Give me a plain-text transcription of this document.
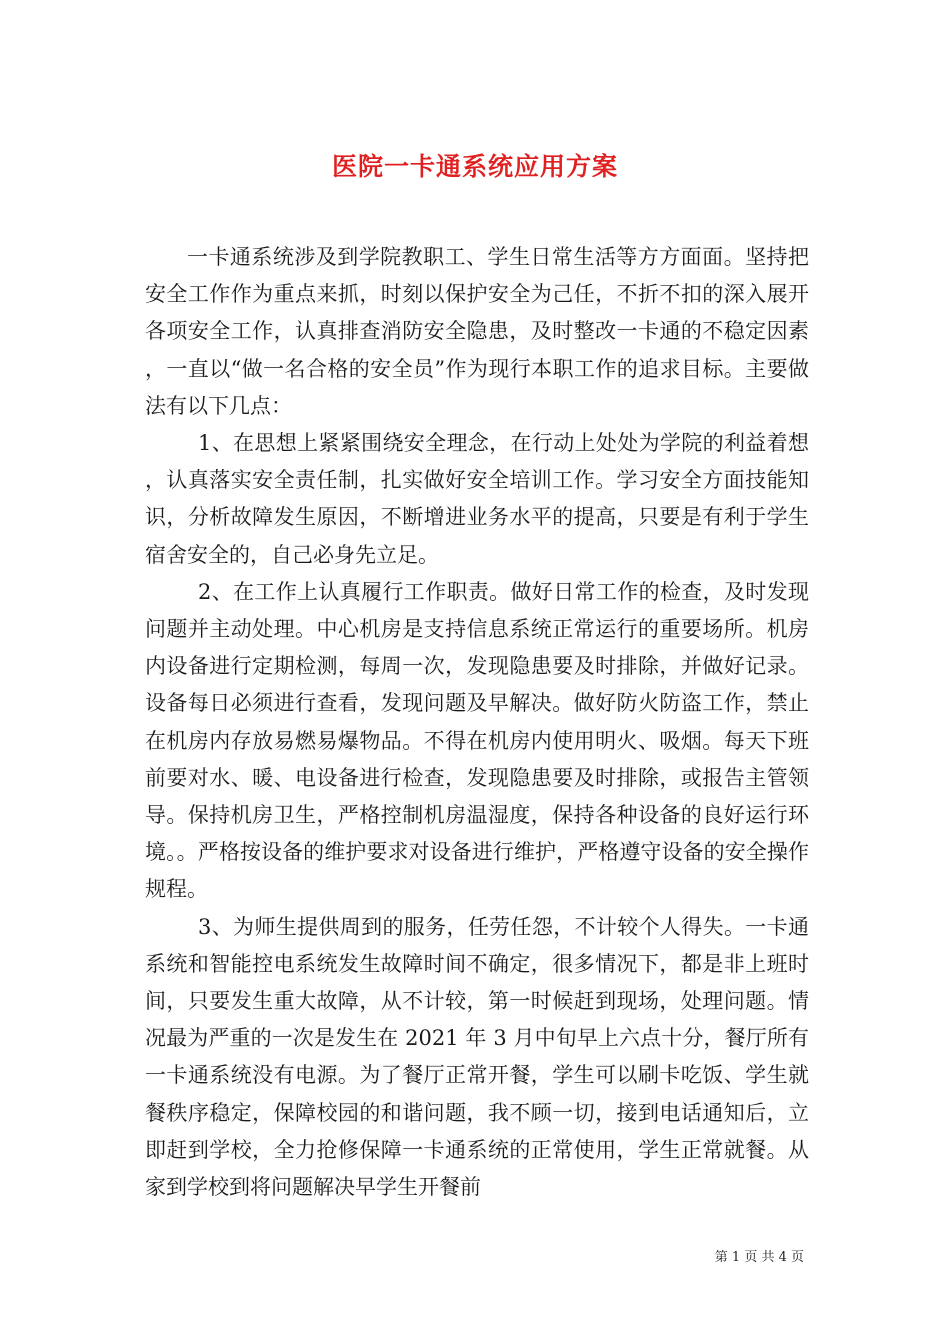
医院一卡通系统应用方案

一卡通系统涉及到学院教职工、学生日常生活等方方面面。坚持把安全工作作为重点来抓，时刻以保护安全为己任，不折不扣的深入展开各项安全工作，认真排查消防安全隐患，及时整改一卡通的不稳定因素，一直以“做一名合格的安全员”作为现行本职工作的追求目标。主要做法有以下几点：

1、在思想上紧紧围绕安全理念，在行动上处处为学院的利益着想，认真落实安全责任制，扎实做好安全培训工作。学习安全方面技能知识，分析故障发生原因，不断增进业务水平的提高，只要是有利于学生宿舍安全的，自己必身先立足。

2、在工作上认真履行工作职责。做好日常工作的检查，及时发现问题并主动处理。中心机房是支持信息系统正常运行的重要场所。机房内设备进行定期检测，每周一次，发现隐患要及时排除，并做好记录。设备每日必须进行查看，发现问题及早解决。做好防火防盗工作，禁止在机房内存放易燃易爆物品。不得在机房内使用明火、吸烟。每天下班前要对水、暖、电设备进行检查，发现隐患要及时排除，或报告主管领导。保持机房卫生，严格控制机房温湿度，保持各种设备的良好运行环境。。严格按设备的维护要求对设备进行维护，严格遵守设备的安全操作规程。

3、为师生提供周到的服务，任劳任怨，不计较个人得失。一卡通系统和智能控电系统发生故障时间不确定，很多情况下，都是非上班时间，只要发生重大故障，从不计较，第一时候赶到现场，处理问题。情况最为严重的一次是发生在 2021 年 3 月中旬早上六点十分，餐厅所有一卡通系统没有电源。为了餐厅正常开餐，学生可以刷卡吃饭、学生就餐秩序稳定，保障校园的和谐问题，我不顾一切，接到电话通知后，立即赶到学校，全力抢修保障一卡通系统的正常使用，学生正常就餐。从家到学校到将问题解决早学生开餐前

第 1 页 共 4 页
